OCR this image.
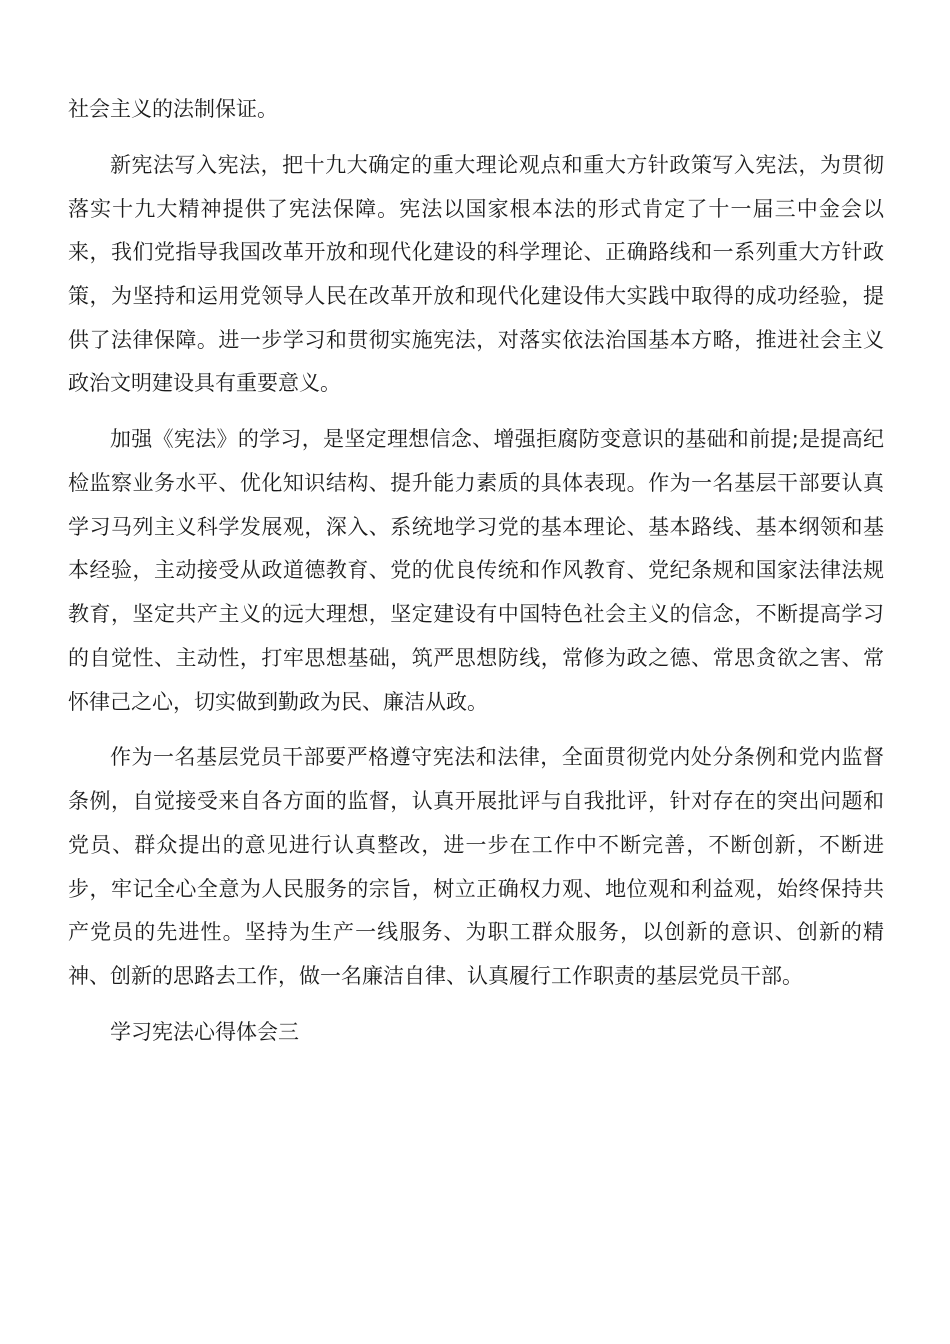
社会主义的法制保证。

新宪法写入宪法，把十九大确定的重大理论观点和重大方针政策写入宪法，为贯彻落实十九大精神提供了宪法保障。宪法以国家根本法的形式肯定了十一届三中金会以来，我们党指导我国改革开放和现代化建设的科学理论、正确路线和一系列重大方针政策，为坚持和运用党领导人民在改革开放和现代化建设伟大实践中取得的成功经验，提供了法律保障。进一步学习和贯彻实施宪法，对落实依法治国基本方略，推进社会主义政治文明建设具有重要意义。

加强《宪法》的学习，是坚定理想信念、增强拒腐防变意识的基础和前提;是提高纪检监察业务水平、优化知识结构、提升能力素质的具体表现。作为一名基层干部要认真学习马列主义科学发展观，深入、系统地学习党的基本理论、基本路线、基本纲领和基本经验，主动接受从政道德教育、党的优良传统和作风教育、党纪条规和国家法律法规教育，坚定共产主义的远大理想，坚定建设有中国特色社会主义的信念，不断提高学习的自觉性、主动性，打牢思想基础，筑严思想防线，常修为政之德、常思贪欲之害、常怀律己之心，切实做到勤政为民、廉洁从政。

作为一名基层党员干部要严格遵守宪法和法律，全面贯彻党内处分条例和党内监督条例，自觉接受来自各方面的监督，认真开展批评与自我批评，针对存在的突出问题和党员、群众提出的意见进行认真整改，进一步在工作中不断完善，不断创新，不断进步，牢记全心全意为人民服务的宗旨，树立正确权力观、地位观和利益观，始终保持共产党员的先进性。坚持为生产一线服务、为职工群众服务，以创新的意识、创新的精神、创新的思路去工作，做一名廉洁自律、认真履行工作职责的基层党员干部。

学习宪法心得体会三
